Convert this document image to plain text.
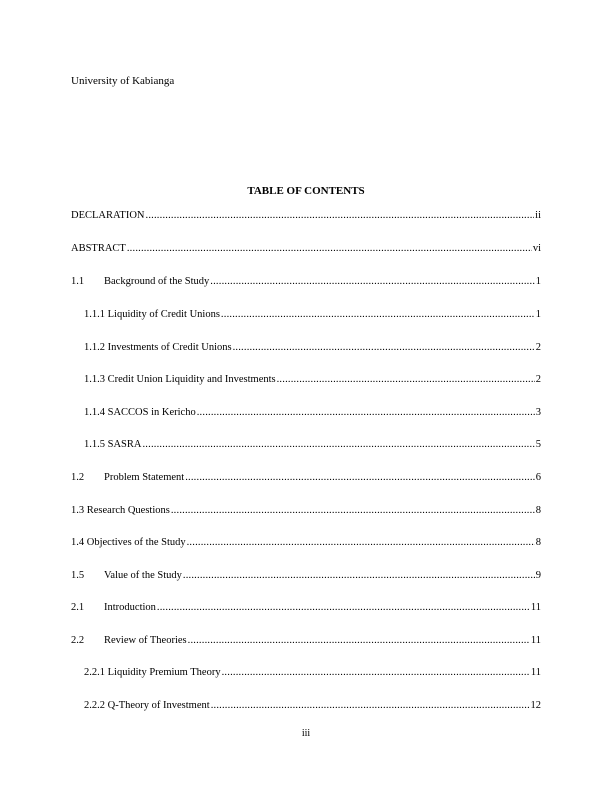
University of Kabianga
TABLE OF CONTENTS
DECLARATION .....	ii
ABSTRACT .....	vi
1.1	Background of the Study .....	1
1.1.1 Liquidity of Credit Unions .....	1
1.1.2 Investments of Credit Unions .....	2
1.1.3 Credit Union Liquidity and Investments .....	2
1.1.4 SACCOS in Kericho .....	3
1.1.5 SASRA .....	5
1.2	Problem Statement .....	6
1.3 Research Questions .....	8
1.4 Objectives of the Study .....	8
1.5	Value of the Study .....	9
2.1	Introduction .....	11
2.2	Review of Theories .....	11
2.2.1 Liquidity Premium Theory .....	11
2.2.2 Q-Theory of Investment .....	12
iii
